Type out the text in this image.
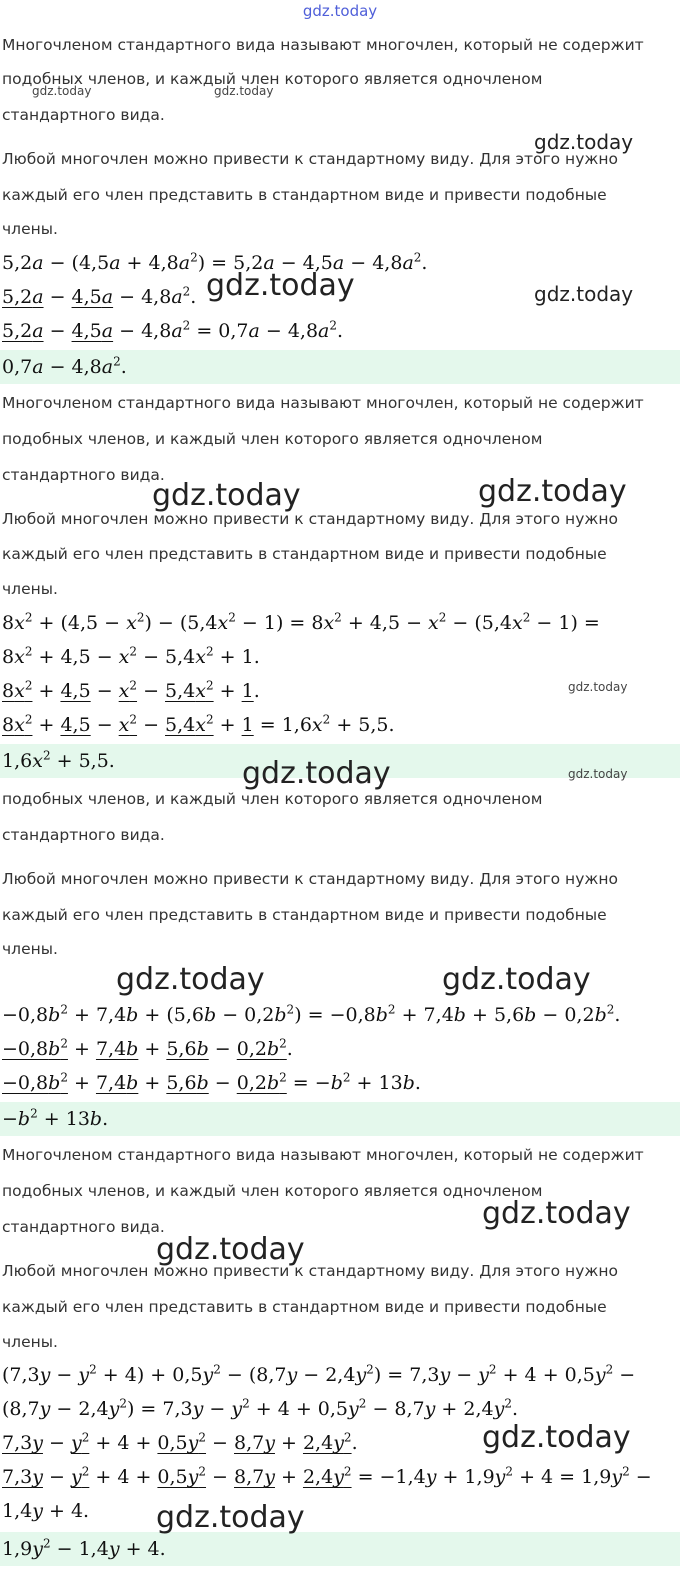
gdz.today
Многочленом стандартного вида называют многочлен, который не содержит
подобных членов, и каждый член которого является одночленом
стандартного вида.
Любой многочлен можно привести к стандартному виду. Для этого нужно
каждый его член представить в стандартном виде и привести подобные
члены.
$5,2a - (4,5a + 4,8a^2) = 5,2a - 4,5a - 4,8a^2$.
$5,2a - 4,5a - 4,8a^2$.
$5,2a - 4,5a - 4,8a^2 = 0,7a - 4,8a^2$.
$0,7a - 4,8a^2$.
Многочленом стандартного вида называют многочлен, который не содержит
подобных членов, и каждый член которого является одночленом
стандартного вида.
Любой многочлен можно привести к стандартному виду. Для этого нужно
каждый его член представить в стандартном виде и привести подобные
члены.
$8x^2 + (4,5 - x^2) - (5,4x^2 - 1) = 8x^2 + 4,5 - x^2 - (5,4x^2 - 1)$ =
$8x^2 + 4,5 - x^2 - 5,4x^2 + 1$.
$8x^2 + 4,5 - x^2 - 5,4x^2 + 1$.
$8x^2 + 4,5 - x^2 - 5,4x^2 + 1 = 1,6x^2 + 5,5$.
$1,6x^2 + 5,5$.
подобных членов, и каждый член которого является одночленом
стандартного вида.
Любой многочлен можно привести к стандартному виду. Для этого нужно
каждый его член представить в стандартном виде и привести подобные
члены.
$-0,8b^2 + 7,4b + (5,6b - 0,2b^2) = -0,8b^2 + 7,4b + 5,6b - 0,2b^2$.
$-0,8b^2 + 7,4b + 5,6b - 0,2b^2$.
$-0,8b^2 + 7,4b + 5,6b - 0,2b^2 = -b^2 + 13b$.
$-b^2 + 13b$.
Многочленом стандартного вида называют многочлен, который не содержит
подобных членов, и каждый член которого является одночленом
стандартного вида.
Любой многочлен можно привести к стандартному виду. Для этого нужно
каждый его член представить в стандартном виде и привести подобные
члены.
$(7,3y - y^2 + 4) + 0,5y^2 - (8,7y - 2,4y^2) = 7,3y - y^2 + 4 + 0,5y^2$ −
$(8,7y - 2,4y^2) = 7,3y - y^2 + 4 + 0,5y^2 - 8,7y + 2,4y^2$.
$7,3y - y^2 + 4 + 0,5y^2 - 8,7y + 2,4y^2$.
$7,3y - y^2 + 4 + 0,5y^2 - 8,7y + 2,4y^2 = -1,4y + 1,9y^2 + 4 = 1,9y^2$ −
1,4y + 4.
$1,9y^2 - 1,4y + 4$.
gdz.today	gdz.today
gdz.today
gdz.today	gdz.today
gdz.today	gdz.today
gdz.today
gdz.today	gdz.today
gdz.today	gdz.today
gdz.today
gdz.today
gdz.today
gdz.today
